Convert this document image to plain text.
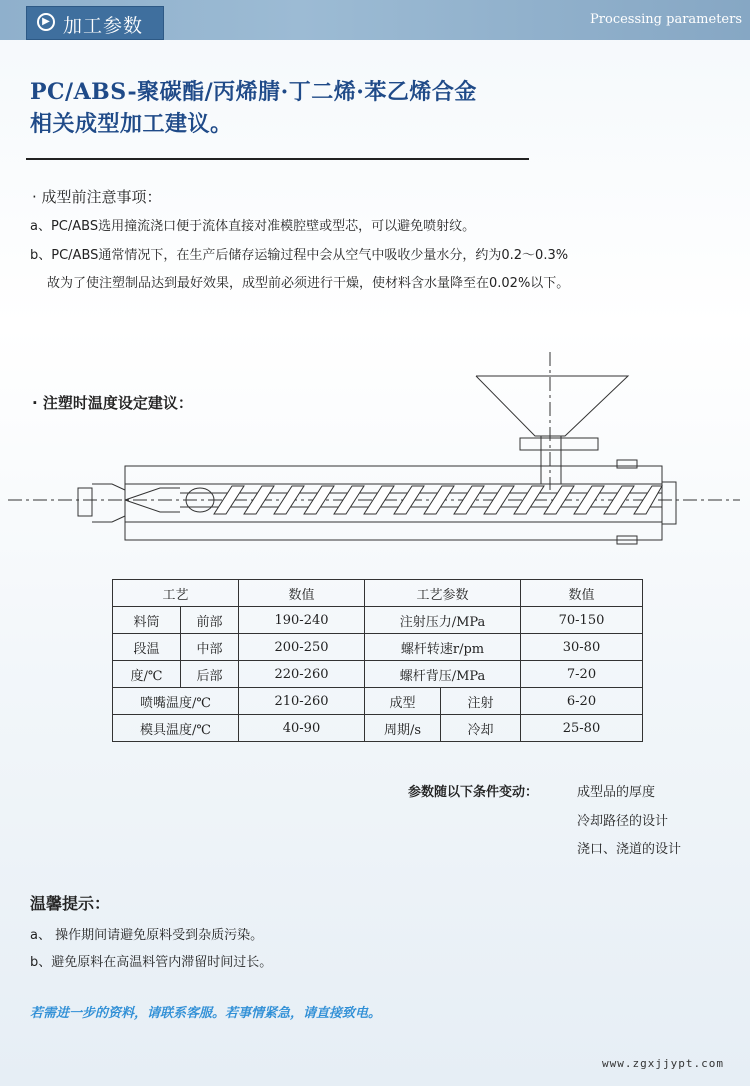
▶ 加工参数	Processing parameters
PC/ABS-聚碳酯/丙烯腈·丁二烯·苯乙烯合金
相关成型加工建议。
· 成型前注意事项：
a、PC/ABS选用撞流浇口便于流体直接对准模腔壁或型芯，可以避免喷射纹。
b、PC/ABS通常情况下，在生产后储存运输过程中会从空气中吸收少量水分，约为0.2～0.3%
故为了使注塑制品达到最好效果，成型前必须进行干燥，使材料含水量降至在0.02%以下。
· 注塑时温度设定建议：
工艺		数值	工艺参数		数值
料筒	前部	190-240	注射压力/MPa		70-150
段温	中部	200-250	螺杆转速r/pm		30-80
度/℃	后部	220-260	螺杆背压/MPa		7-20
喷嘴温度/℃		210-260	成型	注射	6-20
模具温度/℃		40-90	周期/s	冷却	25-80
参数随以下条件变动：	成型品的厚度
冷却路径的设计
浇口、浇道的设计
温馨提示：
a、 操作期间请避免原料受到杂质污染。
b、避免原料在高温料管内滞留时间过长。
若需进一步的资料，请联系客服。若事情紧急，请直接致电。
www.zgxjjypt.com
